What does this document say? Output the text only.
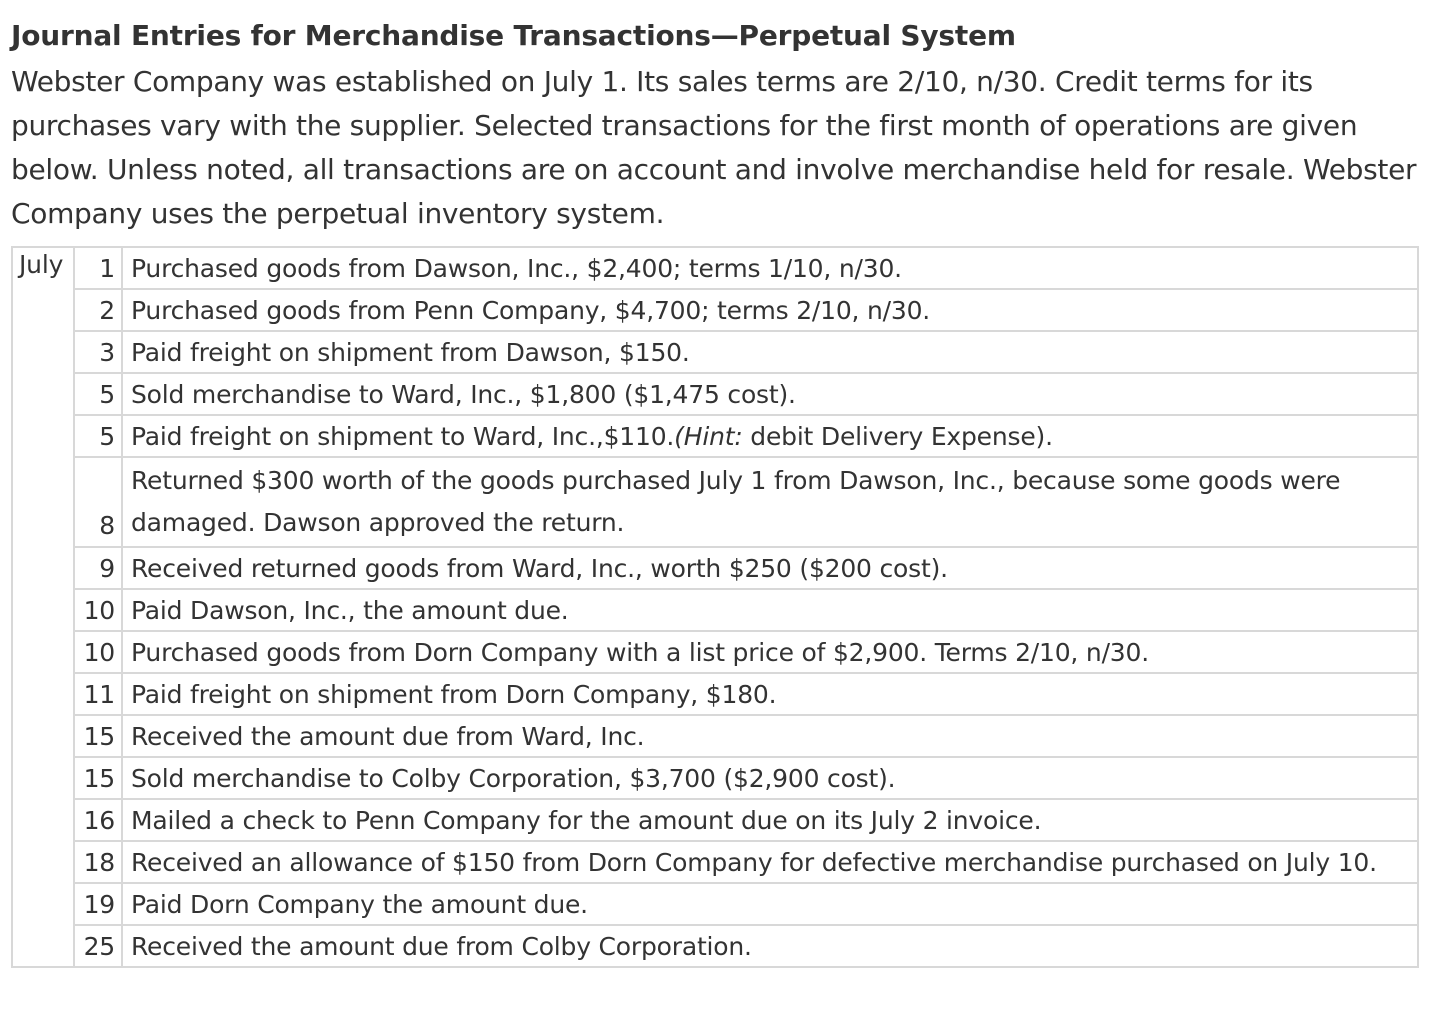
Journal Entries for Merchandise Transactions—Perpetual System
Webster Company was established on July 1. Its sales terms are 2/10, n/30. Credit terms for its purchases vary with the supplier. Selected transactions for the first month of operations are given below. Unless noted, all transactions are on account and involve merchandise held for resale. Webster Company uses the perpetual inventory system.
July	1	Purchased goods from Dawson, Inc., $2,400; terms 1/10, n/30.
	2	Purchased goods from Penn Company, $4,700; terms 2/10, n/30.
	3	Paid freight on shipment from Dawson, $150.
	5	Sold merchandise to Ward, Inc., $1,800 ($1,475 cost).
	5	Paid freight on shipment to Ward, Inc.,$110.(Hint: debit Delivery Expense).
	8	Returned $300 worth of the goods purchased July 1 from Dawson, Inc., because some goods were damaged. Dawson approved the return.
	9	Received returned goods from Ward, Inc., worth $250 ($200 cost).
	10	Paid Dawson, Inc., the amount due.
	10	Purchased goods from Dorn Company with a list price of $2,900. Terms 2/10, n/30.
	11	Paid freight on shipment from Dorn Company, $180.
	15	Received the amount due from Ward, Inc.
	15	Sold merchandise to Colby Corporation, $3,700 ($2,900 cost).
	16	Mailed a check to Penn Company for the amount due on its July 2 invoice.
	18	Received an allowance of $150 from Dorn Company for defective merchandise purchased on July 10.
	19	Paid Dorn Company the amount due.
	25	Received the amount due from Colby Corporation.
